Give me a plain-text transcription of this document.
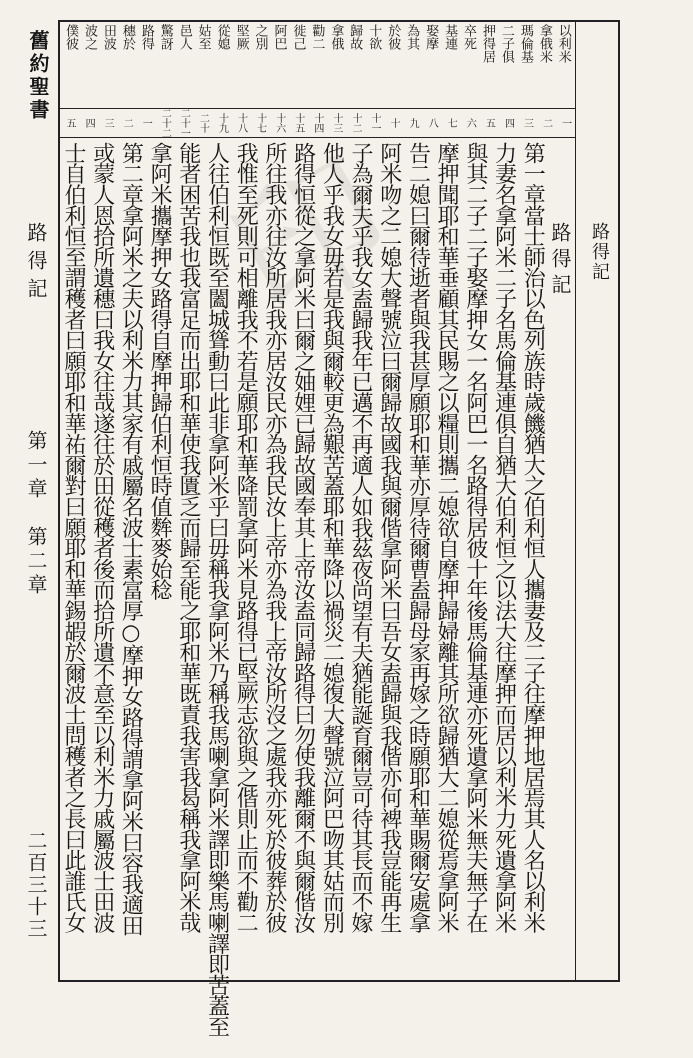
印	路得記
舊約聖書
路得記
第一章　第二章
二百三十三
以利米
拿俄米
瑪倫基
二子俱
押得居
卒死
基連
娶摩
為其
於彼
十欲
歸故
拿俄
勸二
徙己
阿巴
之別
堅厥
從媳
姑至
邑人
驚訝
路得
穗於
田波
波之
僕彼
一
二
三
四
五
六
七
八
九
十
十一
十二
十三
十四
十五
十六
十七
十八
十九
二十
二十一
二十二
一
二
三
四
五
路得記
第一章當士師治以色列族時歲饑猶大之伯利恒人攜妻及二子往摩押地居焉其人名以利米
力妻名拿阿米二子名馬倫基連俱自猶大伯利恒之以法大往摩押而居以利米力死遺拿阿米
與其二子二子娶摩押女一名阿巴一名路得居彼十年後馬倫基連亦死遺拿阿米無夫無子在
摩押聞耶和華垂顧其民賜之以糧則攜二媳欲自摩押歸婦離其所欲歸猶大二媳從焉拿阿米
告二媳曰爾待逝者與我甚厚願耶和華亦厚待爾曹盍歸母家再嫁之時願耶和華賜爾安處拿
阿米吻之二媳大聲號泣曰爾歸故國我與爾偕拿阿米曰吾女盍歸與我偕亦何裨我豈能再生
子為爾夫乎我女盍歸我年已邁不再適人如我茲夜尚望有夫猶能誕育爾豈可待其長而不嫁
他人乎我女毋若是我與爾較更為艱苦蓋耶和華降以禍災二媳復大聲號泣阿巴吻其姑而別
路得恒從之拿阿米曰爾之妯娌已歸故國奉其上帝汝盍同歸路得曰勿使我離爾不與爾偕汝
所往我亦往汝所居我亦居汝民亦為我民汝上帝亦為我上帝汝所沒之處我亦死於彼葬於彼
我惟至死則可相離我不若是願耶和華降罰拿阿米見路得已堅厥志欲與之偕則止而不勸二
人往伯利恒既至闔城聳動曰此非拿阿米乎曰毋稱我拿阿米乃稱我馬喇拿阿米譯即樂馬喇譯即苦蓋至
能者困苦我也我富足而出耶和華使我匱乏而歸至能之耶和華既責我害我曷稱我拿阿米哉
拿阿米攜摩押女路得自摩押歸伯利恒時值麰麥始稔
第二章拿阿米之夫以利米力其家有戚屬名波士素富厚○摩押女路得謂拿阿米曰容我適田
或蒙人恩拾所遺穗曰我女往哉遂往於田從穫者後而拾所遺不意至以利米力戚屬波士田波
士自伯利恒至謂穫者曰願耶和華祐爾對曰願耶和華錫嘏於爾波士問穫者之長曰此誰氏女
